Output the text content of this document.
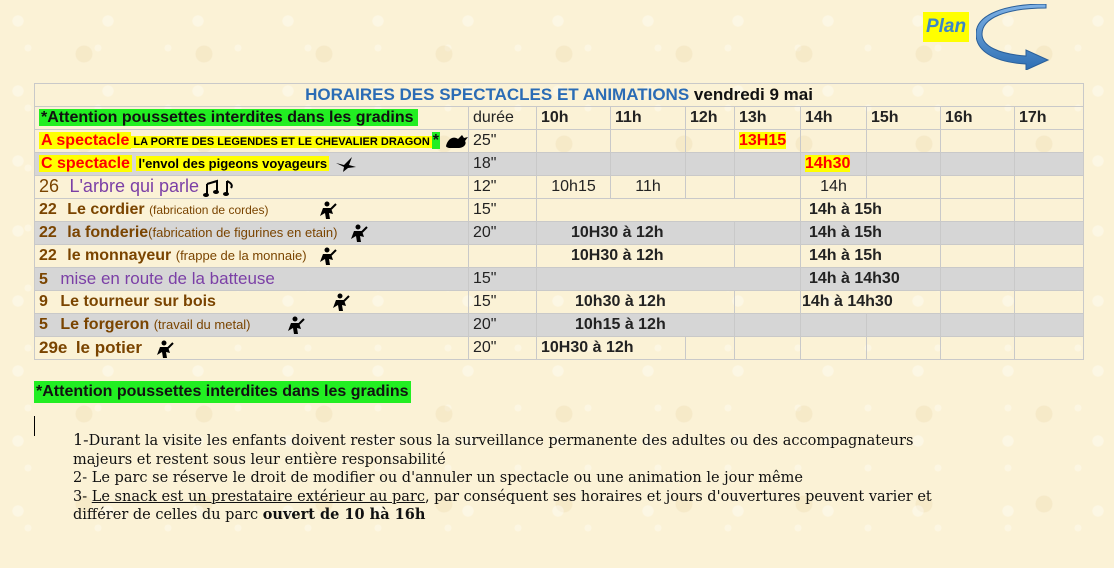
Plan
HORAIRES DES SPECTACLES ET ANIMATIONS vendredi 9 mai									
*Attention poussettes interdites dans les gradins	durée	10h	11h	12h	13h	14h	15h	16h	17h
A spectacle LA PORTE DES LEGENDES ET LE CHEVALIER DRAGON *	25"				13H15				
C spectacle l'envol des pigeons voyageurs	18"					14h30			
26 L'arbre qui parle	12"	10h15	11h			14h			
22 Le cordier (fabrication de cordes)	15"					14h à 15h			
22 la fonderie(fabrication de figurines en etain)	20"	10H30 à 12h				14h à 15h			
22 le monnayeur (frappe de la monnaie)		10H30 à 12h				14h à 15h			
5 mise en route de la batteuse	15"					14h à 14h30			
9 Le tourneur sur bois	15"	10h30 à 12h				14h à 14h30			
5 Le forgeron (travail du metal)	20"	10h15 à 12h							
29e le potier	20"	10H30 à 12h							
*Attention poussettes interdites dans les gradins

1-Durant la visite les enfants doivent rester sous la surveillance permanente des adultes ou des accompagnateurs

majeurs et restent sous leur entière responsabilité

2- Le parc se réserve le droit de modifier ou d'annuler un spectacle ou une animation le jour même

3- Le snack est un prestataire extérieur au parc, par conséquent ses horaires et jours d'ouvertures peuvent varier et

différer de celles du parc ouvert de 10 hà 16h
